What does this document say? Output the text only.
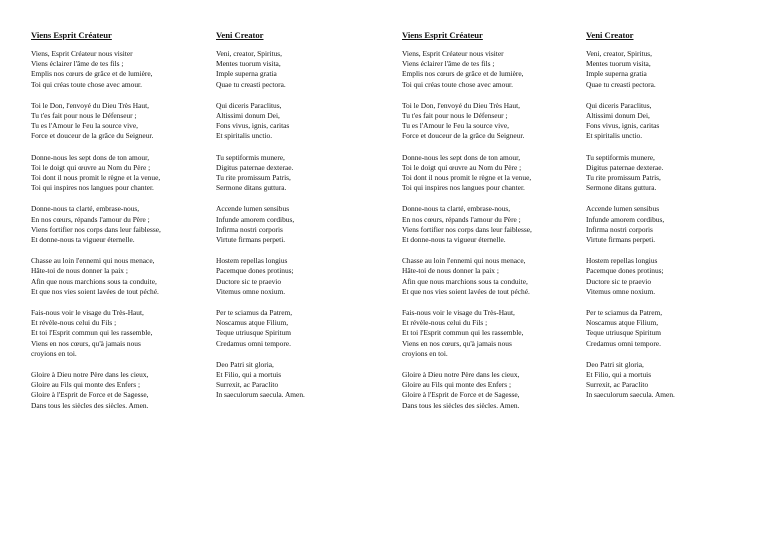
Viens Esprit Créateur
Viens, Esprit Créateur nous visiter
Viens éclairer l'âme de tes fils ;
Emplis nos cœurs de grâce et de lumière,
Toi qui créas toute chose avec amour.
Toi le Don, l'envoyé du Dieu Très Haut,
Tu t'es fait pour nous le Défenseur ;
Tu es l'Amour le Feu la source vive,
Force et douceur de la grâce du Seigneur.
Donne-nous les sept dons de ton amour,
Toi le doigt qui œuvre au Nom du Père ;
Toi dont il nous promit le règne et la venue,
Toi qui inspires nos langues pour chanter.
Donne-nous ta clarté, embrase-nous,
En nos cœurs, répands l'amour du Père ;
Viens fortifier nos corps dans leur faiblesse,
Et donne-nous ta vigueur éternelle.
Chasse au loin l'ennemi qui nous menace,
Hâte-toi de nous donner la paix ;
Afin que nous marchions sous ta conduite,
Et que nos vies soient lavées de tout péché.
Fais-nous voir le visage du Très-Haut,
Et révèle-nous celui du Fils ;
Et toi l'Esprit commun qui les rassemble,
Viens en nos cœurs, qu'à jamais nous
croyions en toi.
Gloire à Dieu notre Père dans les cieux,
Gloire au Fils qui monte des Enfers ;
Gloire à l'Esprit de Force et de Sagesse,
Dans tous les siècles des siècles. Amen.
Veni Creator
Veni, creator, Spiritus,
Mentes tuorum visita,
Imple superna gratia
Quae tu creasti pectora.
Qui diceris Paraclitus,
Altissimi donum Dei,
Fons vivus, ignis, caritas
Et spiritalis unctio.
Tu septiformis munere,
Digitus paternae dexterae.
Tu rite promissum Patris,
Sermone ditans guttura.
Accende lumen sensibus
Infunde amorem cordibus,
Infirma nostri corporis
Virtute firmans perpeti.
Hostem repellas longius
Pacemque dones protinus;
Ductore sic te praevio
Vitemus omne noxium.
Per te sciamus da Patrem,
Noscamus atque Filium,
Teque utriusque Spiritum
Credamus omni tempore.
Deo Patri sit gloria,
Et Filio, qui a mortuis
Surrexit, ac Paraclito
In saeculorum saecula. Amen.
Viens Esprit Créateur
Viens, Esprit Créateur nous visiter
Viens éclairer l'âme de tes fils ;
Emplis nos cœurs de grâce et de lumière,
Toi qui créas toute chose avec amour.
Toi le Don, l'envoyé du Dieu Très Haut,
Tu t'es fait pour nous le Défenseur ;
Tu es l'Amour le Feu la source vive,
Force et douceur de la grâce du Seigneur.
Donne-nous les sept dons de ton amour,
Toi le doigt qui œuvre au Nom du Père ;
Toi dont il nous promit le règne et la venue,
Toi qui inspires nos langues pour chanter.
Donne-nous ta clarté, embrase-nous,
En nos cœurs, répands l'amour du Père ;
Viens fortifier nos corps dans leur faiblesse,
Et donne-nous ta vigueur éternelle.
Chasse au loin l'ennemi qui nous menace,
Hâte-toi de nous donner la paix ;
Afin que nous marchions sous ta conduite,
Et que nos vies soient lavées de tout péché.
Fais-nous voir le visage du Très-Haut,
Et révèle-nous celui du Fils ;
Et toi l'Esprit commun qui les rassemble,
Viens en nos cœurs, qu'à jamais nous
croyions en toi.
Gloire à Dieu notre Père dans les cieux,
Gloire au Fils qui monte des Enfers ;
Gloire à l'Esprit de Force et de Sagesse,
Dans tous les siècles des siècles. Amen.
Veni Creator
Veni, creator, Spiritus,
Mentes tuorum visita,
Imple superna gratia
Quae tu creasti pectora.
Qui diceris Paraclitus,
Altissimi donum Dei,
Fons vivus, ignis, caritas
Et spiritalis unctio.
Tu septiformis munere,
Digitus paternae dexterae.
Tu rite promissum Patris,
Sermone ditans guttura.
Accende lumen sensibus
Infunde amorem cordibus,
Infirma nostri corporis
Virtute firmans perpeti.
Hostem repellas longius
Pacemque dones protinus;
Ductore sic te praevio
Vitemus omne noxium.
Per te sciamus da Patrem,
Noscamus atque Filium,
Teque utriusque Spiritum
Credamus omni tempore.
Deo Patri sit gloria,
Et Filio, qui a mortuis
Surrexit, ac Paraclito
In saeculorum saecula. Amen.
